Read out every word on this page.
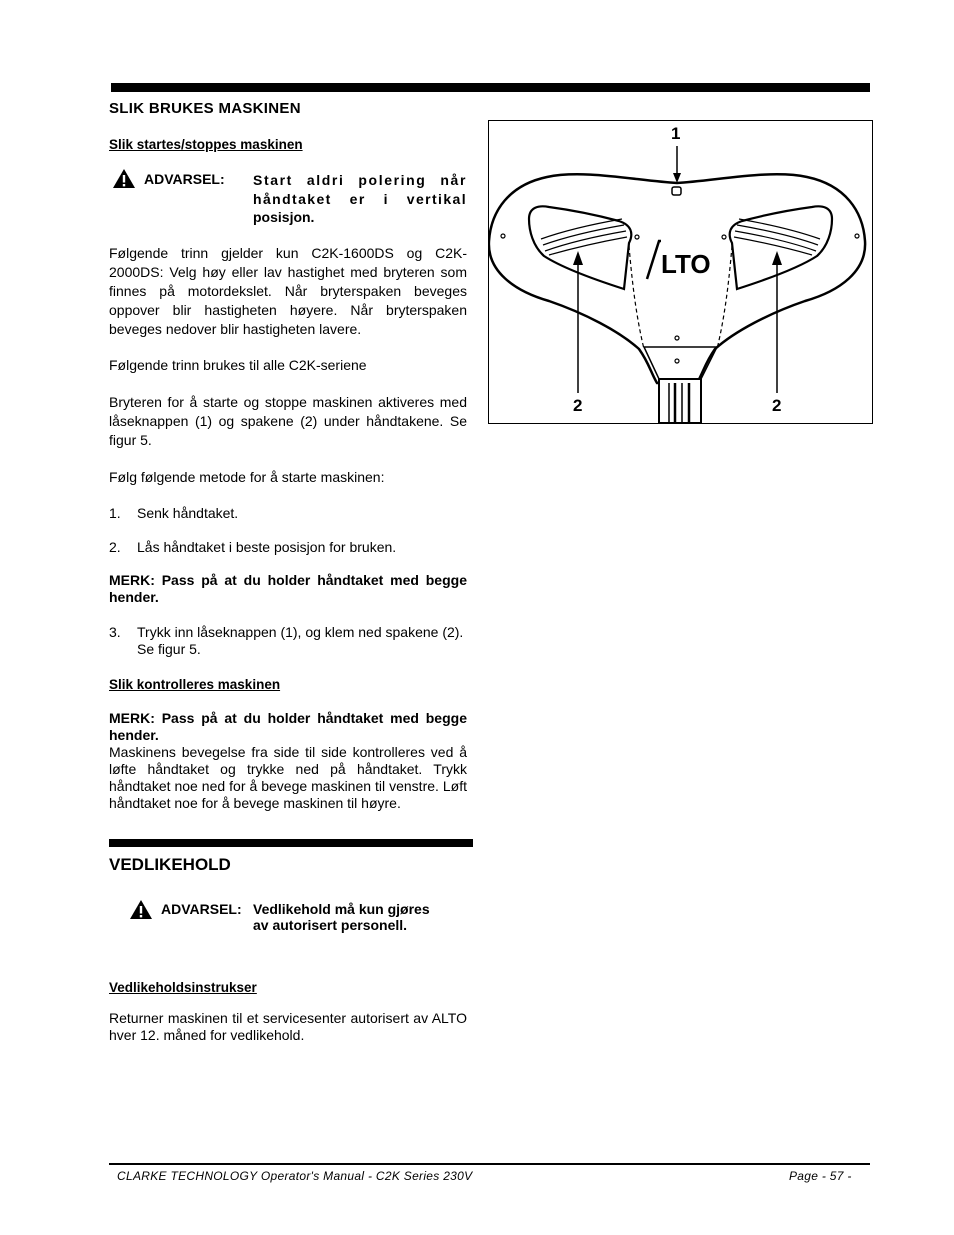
SLIK BRUKES MASKINEN
Slik startes/stoppes maskinen
ADVARSEL: Start aldri polering når
håndtaket er i vertikal
posisjon.
Følgende trinn gjelder kun C2K-1600DS og C2K-2000DS: Velg høy eller lav hastighet med bryteren som finnes på motordekslet. Når bryterspaken beveges oppover blir hastigheten høyere. Når bryterspaken beveges nedover blir hastigheten lavere.
Følgende trinn brukes til alle C2K-seriene
Bryteren for å starte og stoppe maskinen aktiveres med låseknappen (1) og spakene (2) under håndtakene. Se figur 5.
Følg følgende metode for å starte maskinen:
1. Senk håndtaket.
2. Lås håndtaket i beste posisjon for bruken.
MERK: Pass på at du holder håndtaket med begge hender.
3. Trykk inn låseknappen (1), og klem ned spakene (2). Se figur 5.
Slik kontrolleres maskinen
MERK: Pass på at du holder håndtaket med begge hender.
Maskinens bevegelse fra side til side kontrolleres ved å løfte håndtaket og trykke ned på håndtaket. Trykk håndtaket noe ned for å bevege maskinen til venstre. Løft håndtaket noe for å bevege maskinen til høyre.
VEDLIKEHOLD
ADVARSEL: Vedlikehold må kun gjøres
av autorisert personell.
Vedlikeholdsinstrukser
Returner maskinen til et servicesenter autorisert av ALTO hver 12. måned for vedlikehold.
LTO
1
2	2
CLARKE TECHNOLOGY Operator's Manual - C2K Series 230V	Page - 57 -
